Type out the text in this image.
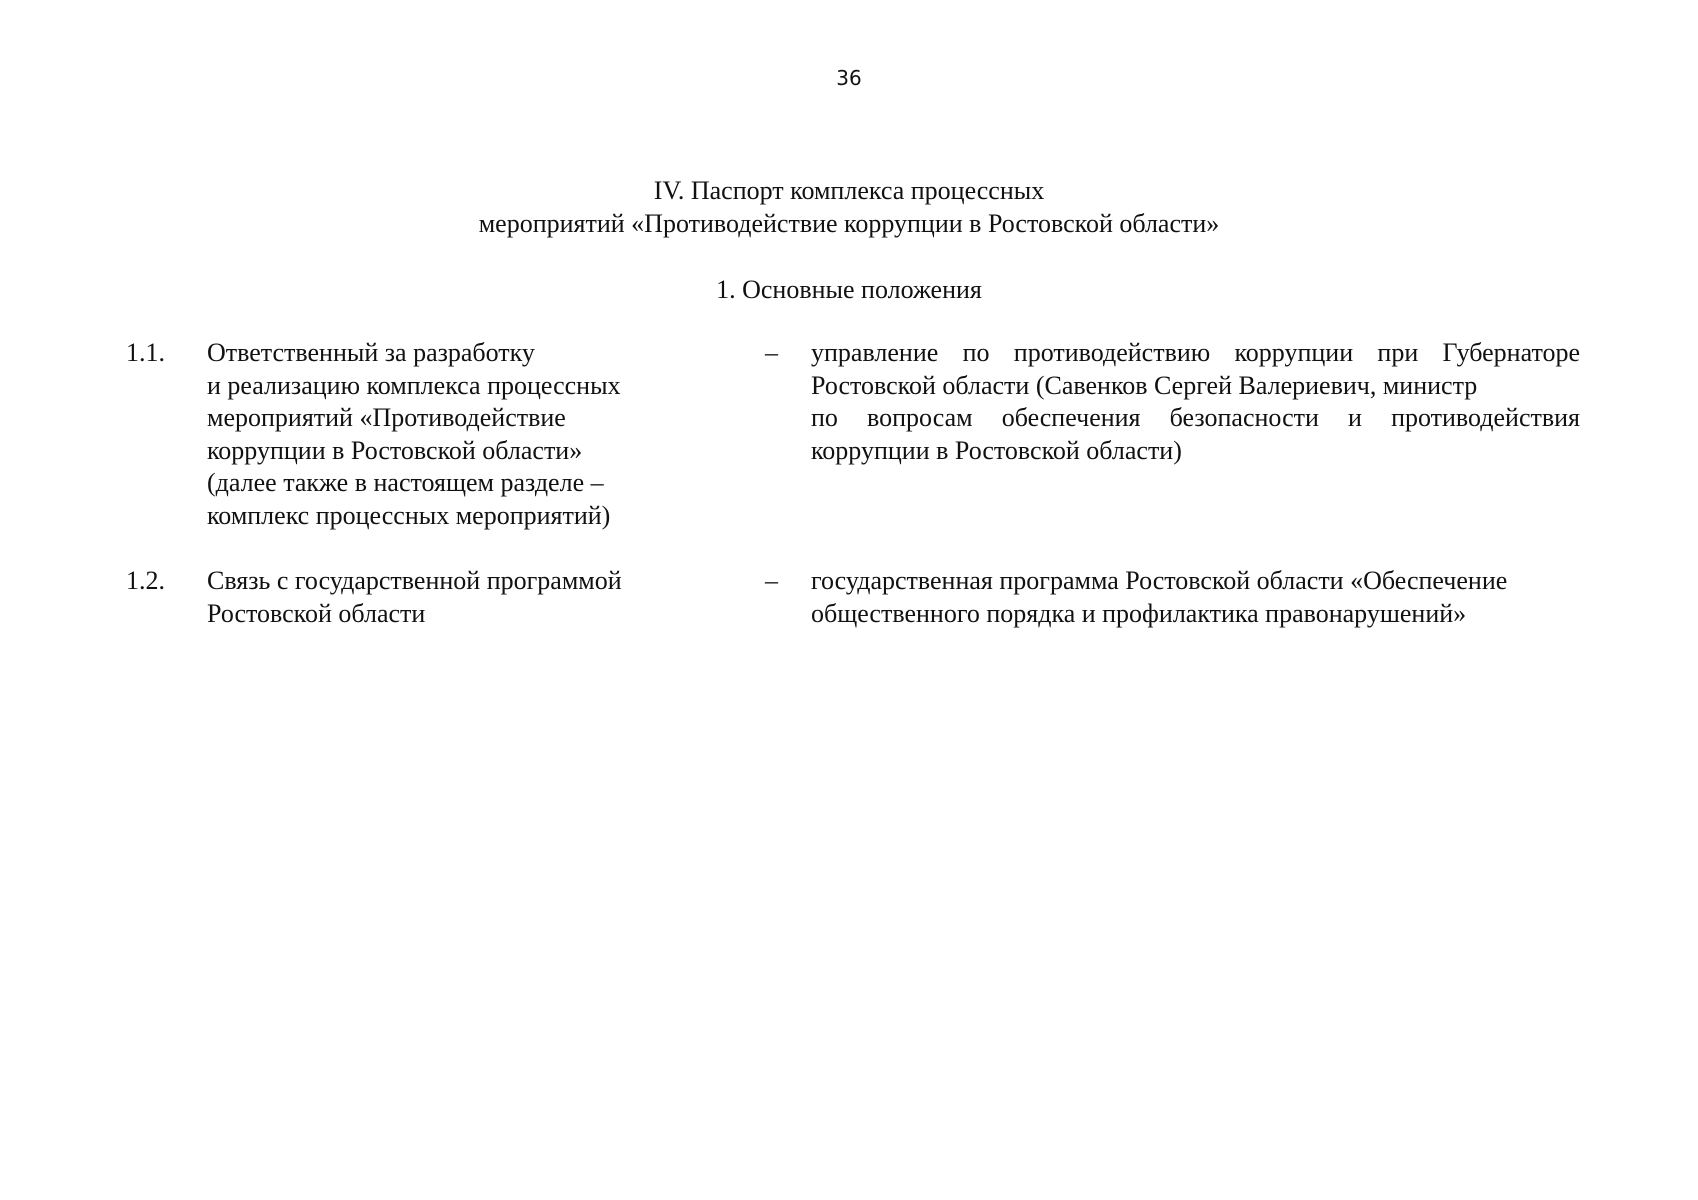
36
IV. Паспорт комплекса процессных
мероприятий «Противодействие коррупции в Ростовской области»
1. Основные положения
1.1. Ответственный за разработку
и реализацию комплекса процессных
мероприятий «Противодействие
коррупции в Ростовской области»
(далее также в настоящем разделе –
комплекс процессных мероприятий)
– управление по противодействию коррупции при Губернаторе
Ростовской области (Савенков Сергей Валериевич, министр
по вопросам обеспечения безопасности и противодействия
коррупции в Ростовской области)
1.2. Связь с государственной программой
Ростовской области
– государственная программа Ростовской области «Обеспечение
общественного порядка и профилактика правонарушений»
